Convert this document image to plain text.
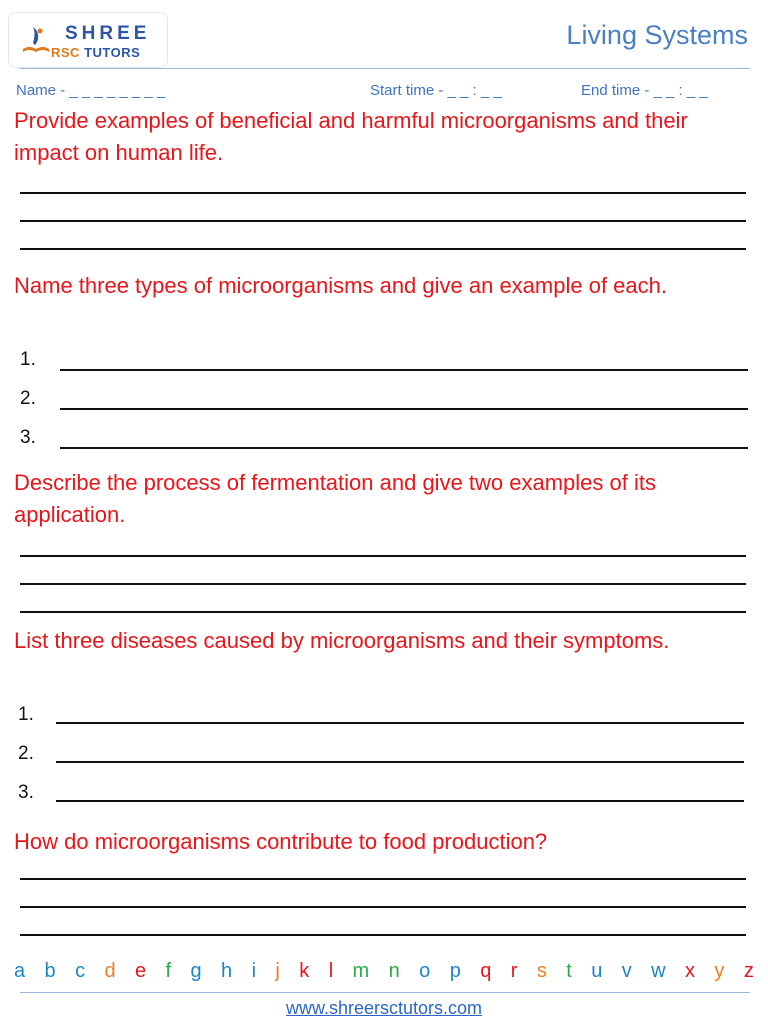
SHREE
RSC TUTORS
Living Systems
Name - _ _ _ _ _ _ _ _	Start time - _ _ : _ _	End time - _ _ : _ _
Provide examples of beneficial and harmful microorganisms and their impact on human life.
Name three types of microorganisms and give an example of each.
1.
2.
3.
Describe the process of fermentation and give two examples of its application.
List three diseases caused by microorganisms and their symptoms.
1.
2.
3.
How do microorganisms contribute to food production?
a b c d e f g h i j k l m n o p q r s t u v w x y z
www.shreersctutors.com
